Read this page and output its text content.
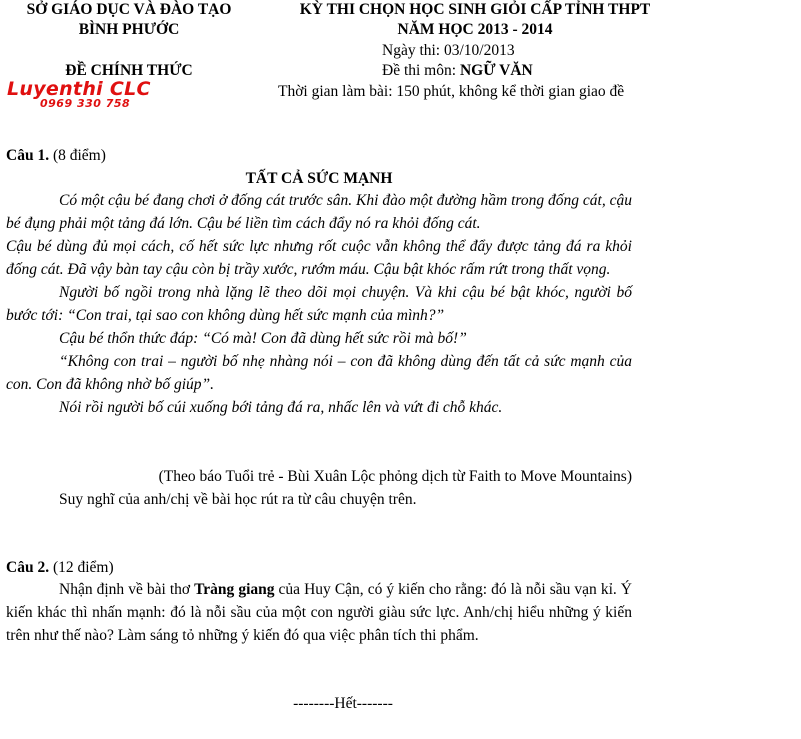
SỞ GIÁO DỤC VÀ ĐÀO TẠO
BÌNH PHƯỚC
ĐỀ CHÍNH THỨC
Luyenthi CLC
0969 330 758
KỲ THI CHỌN HỌC SINH GIỎI CẤP TỈNH THPT
NĂM HỌC 2013 - 2014
Ngày thi: 03/10/2013
Đề thi môn: NGỮ VĂN
Thời gian làm bài: 150 phút, không kể thời gian giao đề
Câu 1. (8 điểm)
TẤT CẢ SỨC MẠNH

Có một cậu bé đang chơi ở đống cát trước sân. Khi đào một đường hầm trong đống cát, cậu bé đụng phải một tảng đá lớn. Cậu bé liền tìm cách đẩy nó ra khỏi đống cát.

Cậu bé dùng đủ mọi cách, cố hết sức lực nhưng rốt cuộc vẫn không thể đẩy được tảng đá ra khỏi đống cát. Đã vậy bàn tay cậu còn bị trầy xước, rướm máu. Cậu bật khóc rấm rứt trong thất vọng.

Người bố ngồi trong nhà lặng lẽ theo dõi mọi chuyện. Và khi cậu bé bật khóc, người bố bước tới: “Con trai, tại sao con không dùng hết sức mạnh của mình?”

Cậu bé thổn thức đáp: “Có mà! Con đã dùng hết sức rồi mà bố!”

“Không con trai – người bố nhẹ nhàng nói – con đã không dùng đến tất cả sức mạnh của con. Con đã không nhờ bố giúp”.

Nói rồi người bố cúi xuống bới tảng đá ra, nhấc lên và vứt đi chỗ khác.

(Theo báo Tuổi trẻ - Bùi Xuân Lộc phỏng dịch từ Faith to Move Mountains)
Suy nghĩ của anh/chị về bài học rút ra từ câu chuyện trên.
Câu 2. (12 điểm)
Nhận định về bài thơ Tràng giang của Huy Cận, có ý kiến cho rằng: đó là nỗi sầu vạn kỉ. Ý kiến khác thì nhấn mạnh: đó là nỗi sầu của một con người giàu sức lực. Anh/chị hiểu những ý kiến trên như thế nào? Làm sáng tỏ những ý kiến đó qua việc phân tích thi phẩm.
--------Hết-------
